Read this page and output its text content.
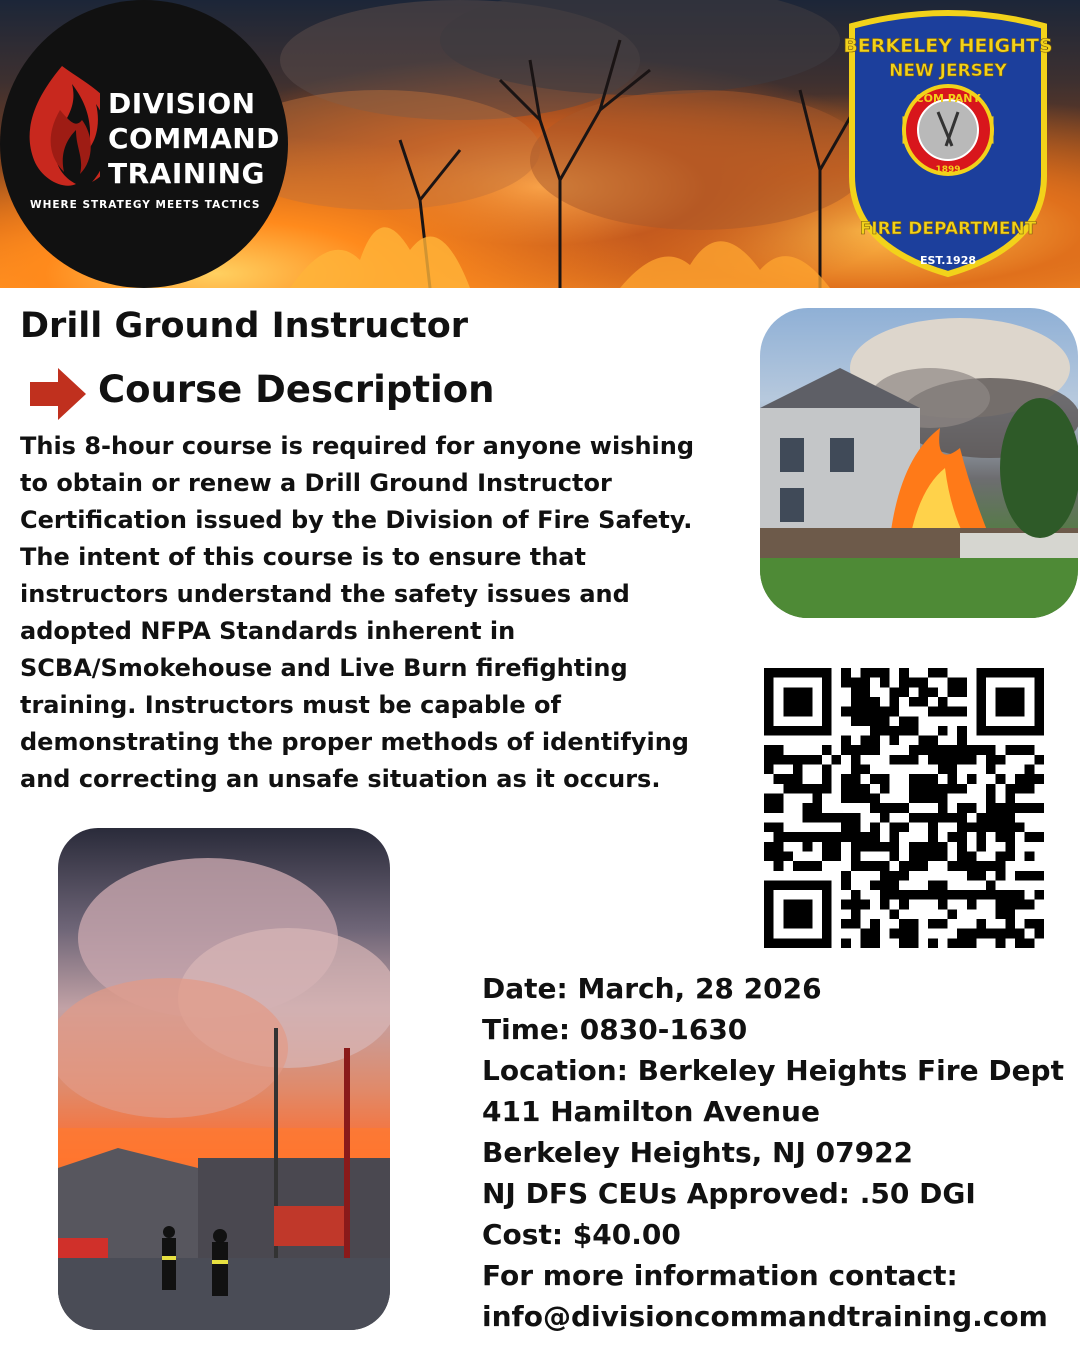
DIVISION
COMMAND
TRAINING
WHERE STRATEGY MEETS TACTICS
BERKELEY HEIGHTS
NEW JERSEY
COM PANY
1899
FIRE DEPARTMENT
EST.1928
Drill Ground Instructor
Course Description
This 8-hour course is required for anyone wishing to obtain or renew a Drill Ground Instructor Certification issued by the Division of Fire Safety. The intent of this course is to ensure that instructors understand the safety issues and adopted NFPA Standards inherent in SCBA/Smokehouse and Live Burn firefighting training. Instructors must be capable of demonstrating the proper methods of identifying and correcting an unsafe situation as it occurs.
Date: March, 28 2026
Time: 0830-1630
Location: Berkeley Heights Fire Dept
411 Hamilton Avenue
Berkeley Heights, NJ 07922
NJ DFS CEUs Approved: .50 DGI
Cost: $40.00
For more information contact:
info@divisioncommandtraining.com
